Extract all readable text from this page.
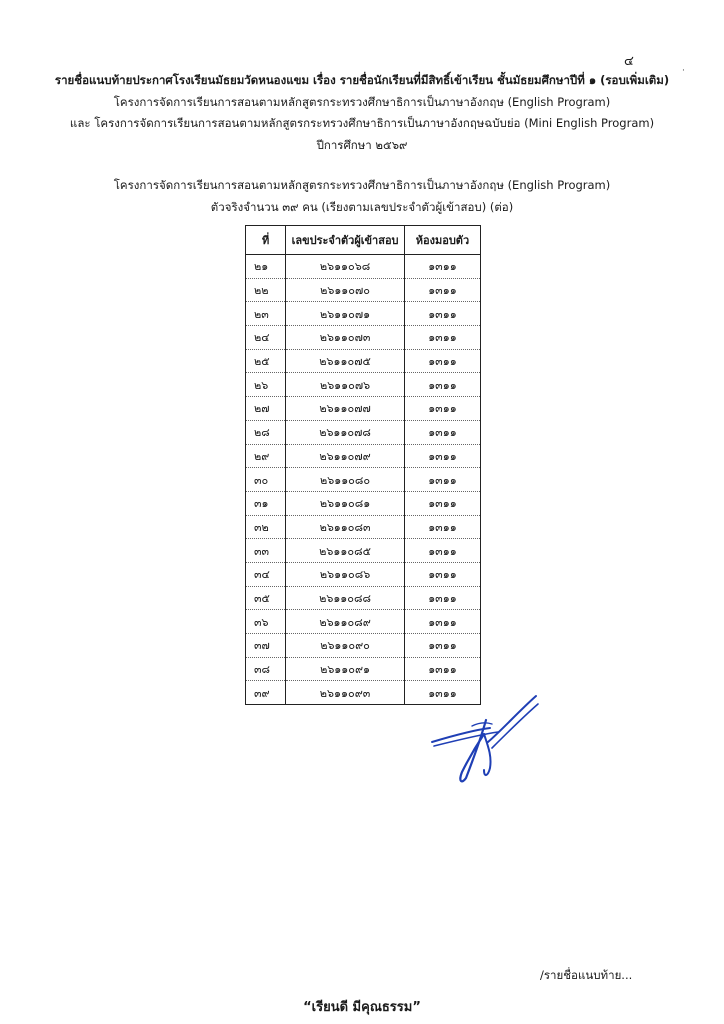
๔
·
รายชื่อแนบท้ายประกาศโรงเรียนมัธยมวัดหนองแขม เรื่อง รายชื่อนักเรียนที่มีสิทธิ์เข้าเรียน ชั้นมัธยมศึกษาปีที่ ๑ (รอบเพิ่มเติม)
โครงการจัดการเรียนการสอนตามหลักสูตรกระทรวงศึกษาธิการเป็นภาษาอังกฤษ (English Program)
และ โครงการจัดการเรียนการสอนตามหลักสูตรกระทรวงศึกษาธิการเป็นภาษาอังกฤษฉบับย่อ (Mini English Program)
ปีการศึกษา ๒๕๖๙
โครงการจัดการเรียนการสอนตามหลักสูตรกระทรวงศึกษาธิการเป็นภาษาอังกฤษ (English Program)
ตัวจริงจำนวน ๓๙ คน (เรียงตามเลขประจำตัวผู้เข้าสอบ) (ต่อ)
ที่	เลขประจำตัวผู้เข้าสอบ	ห้องมอบตัว
๒๑	๒๖๑๑๐๖๘	๑๓๑๑
๒๒	๒๖๑๑๐๗๐	๑๓๑๑
๒๓	๒๖๑๑๐๗๑	๑๓๑๑
๒๔	๒๖๑๑๐๗๓	๑๓๑๑
๒๕	๒๖๑๑๐๗๕	๑๓๑๑
๒๖	๒๖๑๑๐๗๖	๑๓๑๑
๒๗	๒๖๑๑๐๗๗	๑๓๑๑
๒๘	๒๖๑๑๐๗๘	๑๓๑๑
๒๙	๒๖๑๑๐๗๙	๑๓๑๑
๓๐	๒๖๑๑๐๘๐	๑๓๑๑
๓๑	๒๖๑๑๐๘๑	๑๓๑๑
๓๒	๒๖๑๑๐๘๓	๑๓๑๑
๓๓	๒๖๑๑๐๘๕	๑๓๑๑
๓๔	๒๖๑๑๐๘๖	๑๓๑๑
๓๕	๒๖๑๑๐๘๘	๑๓๑๑
๓๖	๒๖๑๑๐๘๙	๑๓๑๑
๓๗	๒๖๑๑๐๙๐	๑๓๑๑
๓๘	๒๖๑๑๐๙๑	๑๓๑๑
๓๙	๒๖๑๑๐๙๓	๑๓๑๑
/รายชื่อแนบท้าย...
“เรียนดี มีคุณธรรม”
